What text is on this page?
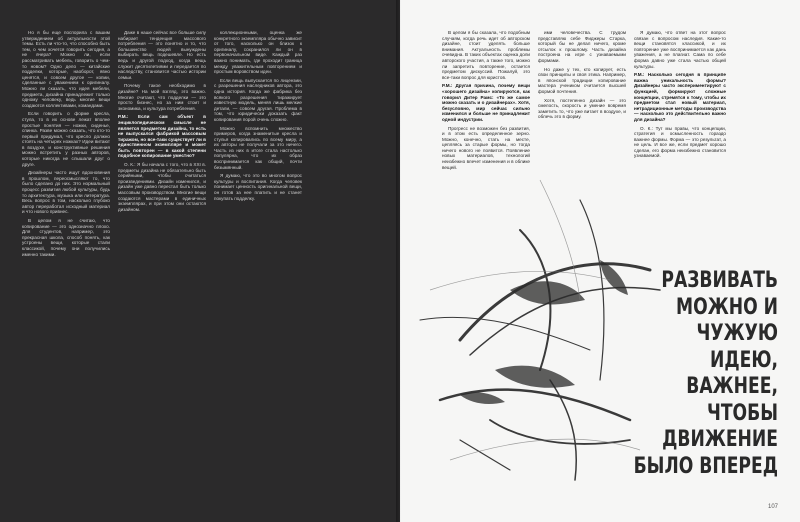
Но я бы еще поспорила с вашим утверждением об актуальности этой темы. Есть ли что-то, что способно быть тем, о чем хочется говорить сегодня, а не вчера? Можно ли, если рассматривать мебель, говорить о чем-то новом? Одно дело — китайские подделки, которые, наоборот, явно ценятся, и совсем другое — копии, сделанные с уважением к оригиналу. Можно ли сказать, что идея мебели, предмета, дизайна принадлежит только одному человеку, ведь многие вещи создаются коллективами, командами.

Если говорить о форме кресла, стула, то в их основе лежат вполне простые понятия — ножки, сиденье, спинка. Разве можно сказать, что кто-то первый придумал, что кресло должно стоять на четырех ножках? Идеи витают в воздухе, и конструктивные решения можно встретить у разных авторов, которые никогда не слышали друг о друге.

Дизайнеры часто ищут вдохновения в прошлом, переосмысляют то, что было сделано до них. Это нормальный процесс развития любой культуры, будь то архитектура, музыка или литература. Весь вопрос в том, насколько глубоко автор переработал исходный материал и что нового привнес.

В целом я не считаю, что копирование — это однозначно плохо. Для студентов, например, это прекрасная школа, способ понять, как устроены вещи, которые стали классикой, почему они получились именно такими.

Даже в наше сейчас все больше силу набирает тенденция массового потребления — это понятно и то, что большинство людей вынуждены выбирать вещь подешевле. Но есть ведь и другой подход, когда вещь служит десятилетиями и передается по наследству, становится частью истории семьи.

Почему такое необходимо в дизайне? На мой взгляд, это важно. Многие считают, что подделки — это просто бизнес, но за ним стоит и экономика, и культура потребления.

Р.М.: Если сам объект в энциклопедическом смысле не является предметом дизайна, то есть не выпускался фабрикой массовым тиражом, но все-таки существует ли в единственном экземпляре и может быть повторен — в какой степени подобное копирование уместно?

О. К.: Я бы начала с того, что в XXI в. предметы дизайна не обязательно быть серийными, чтобы считаться произведениями. Дизайн изменился, и дизайн уже давно перестал быть только массовым производством. Многие вещи создаются мастерами в единичных экземплярах, и при этом они остаются дизайном.

коллекционными, оценка же конкретного экземпляра обычно зависит от того, насколько он близок к оригиналу, сохранился ли он в первоначальном виде. Каждый раз важно понимать, где проходит граница между уважительным повторением и простым воровством идеи.

Если вещь выпускается по лицензии, с разрешения наследников автора, это одна история. Когда же фабрика без всякого разрешения тиражирует известную модель, меняя лишь мелкие детали, — совсем другая. Проблема в том, что юридически доказать факт копирования порой очень сложно.

Можно вспомнить множество примеров, когда знаменитые кресла и стулья копировались по всему миру, а их авторы не получали за это ничего. Часть из них в итоге стала настолько популярна, что их образ воспринимается как общий, почти безымянный.

Я думаю, что это во многом вопрос культуры и воспитания. Когда человек понимает ценность оригинальной вещи, он готов за нее платить и не станет покупать подделку.

В целом я бы сказала, что подобным случаям, когда речь идет об авторском дизайне, стоит уделять больше внимания. Актуальность проблемы очевидна. В таких объектах оценка доли авторского участия, а также того, можно ли запретить повторение, остается предметом дискуссий. Пожалуй, это все-таки вопрос для юристов.

Р.М.: Другая причина, почему вещи «хорошего дизайна» копируются, как говорил Дитер Рамс: «То же самое можно сказать и о дизайнерах». Хотя, безусловно, мир сейчас сильно изменился и больше не принадлежит одной индустрии.

Прогресс не возможен без развития, и в этом есть определенное зерно. Можно, конечно, стать на месте, цепляясь за старые формы, но тогда ничего нового не появится. Появление новых материалов, технологий неизбежно влечет изменения и в облике вещей.

ими человечества. С трудом представляю себе Фиджеры Старка, который бы не делал ничего, кроме отсылок к прошлому. Часть дизайна построена на игре с узнаваемыми формами.

Но даже у тех, кто копирует, есть свои принципы и своя этика. Например, в японской традиции копирование мастера учеником считается высшей формой почтения.

Хотя, постепенно дизайн — это смелость, скорость и умение вовремя заметить то, что уже витает в воздухе, и облечь это в форму.

Я думаю, что ответ на этот вопрос связан с вопросом наследия. Какие-то вещи становятся классикой, и их повторение уже воспринимается как дань уважения, а не плагиат. Сама по себе форма давно уже стала частью общей культуры.

Р.М.: Насколько сегодня в принципе важна уникальность формы? Дизайнеры часто экспериментируют с функцией, формируют сложные концепции, стремятся к тому, чтобы их предметом стал новый материал, нетрадиционные методы производства — насколько это действительно важно для дизайна?

О. К.: Тут мы правы, что концепции, стратегия и осмысленность гораздо важнее формы. Форма — это результат, а не цель. И все же, если предмет хорошо сделан, его форма неизбежно становится узнаваемой.

РАЗВИВАТЬ МОЖНО И ЧУЖУЮ ИДЕЮ, ВАЖНЕЕ, ЧТОБЫ ДВИЖЕНИЕ БЫЛО ВПЕРЕД
107
